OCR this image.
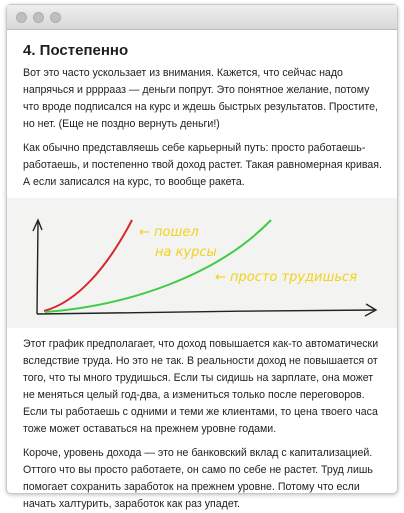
4. Постепенно

Вот это часто ускользает из внимания. Кажется, что сейчас надо напрячься и ррррааз — деньги попрут. Это понятное желание, потому что вроде подписался на курс и ждешь быстрых результатов. Простите, но нет. (Еще не поздно вернуть деньги!)

Как обычно представляешь себе карьерный путь: просто работаешь-работаешь, и постепенно твой доход растет. Такая равномерная кривая. А если записался на курс, то вообще ракета.

← пошел
на курсы
← просто трудишься

Этот график предполагает, что доход повышается как-то автоматически вследствие труда. Но это не так. В реальности доход не повышается от того, что ты много трудишься. Если ты сидишь на зарплате, она может не меняться целый год-два, а измениться только после переговоров. Если ты работаешь с одними и теми же клиентами, то цена твоего часа тоже может оставаться на прежнем уровне годами.

Короче, уровень дохода — это не банковский вклад с капитализацией. Оттого что вы просто работаете, он само по себе не растет. Труд лишь помогает сохранить заработок на прежнем уровне. Потому что если начать халтурить, заработок как раз упадет.
